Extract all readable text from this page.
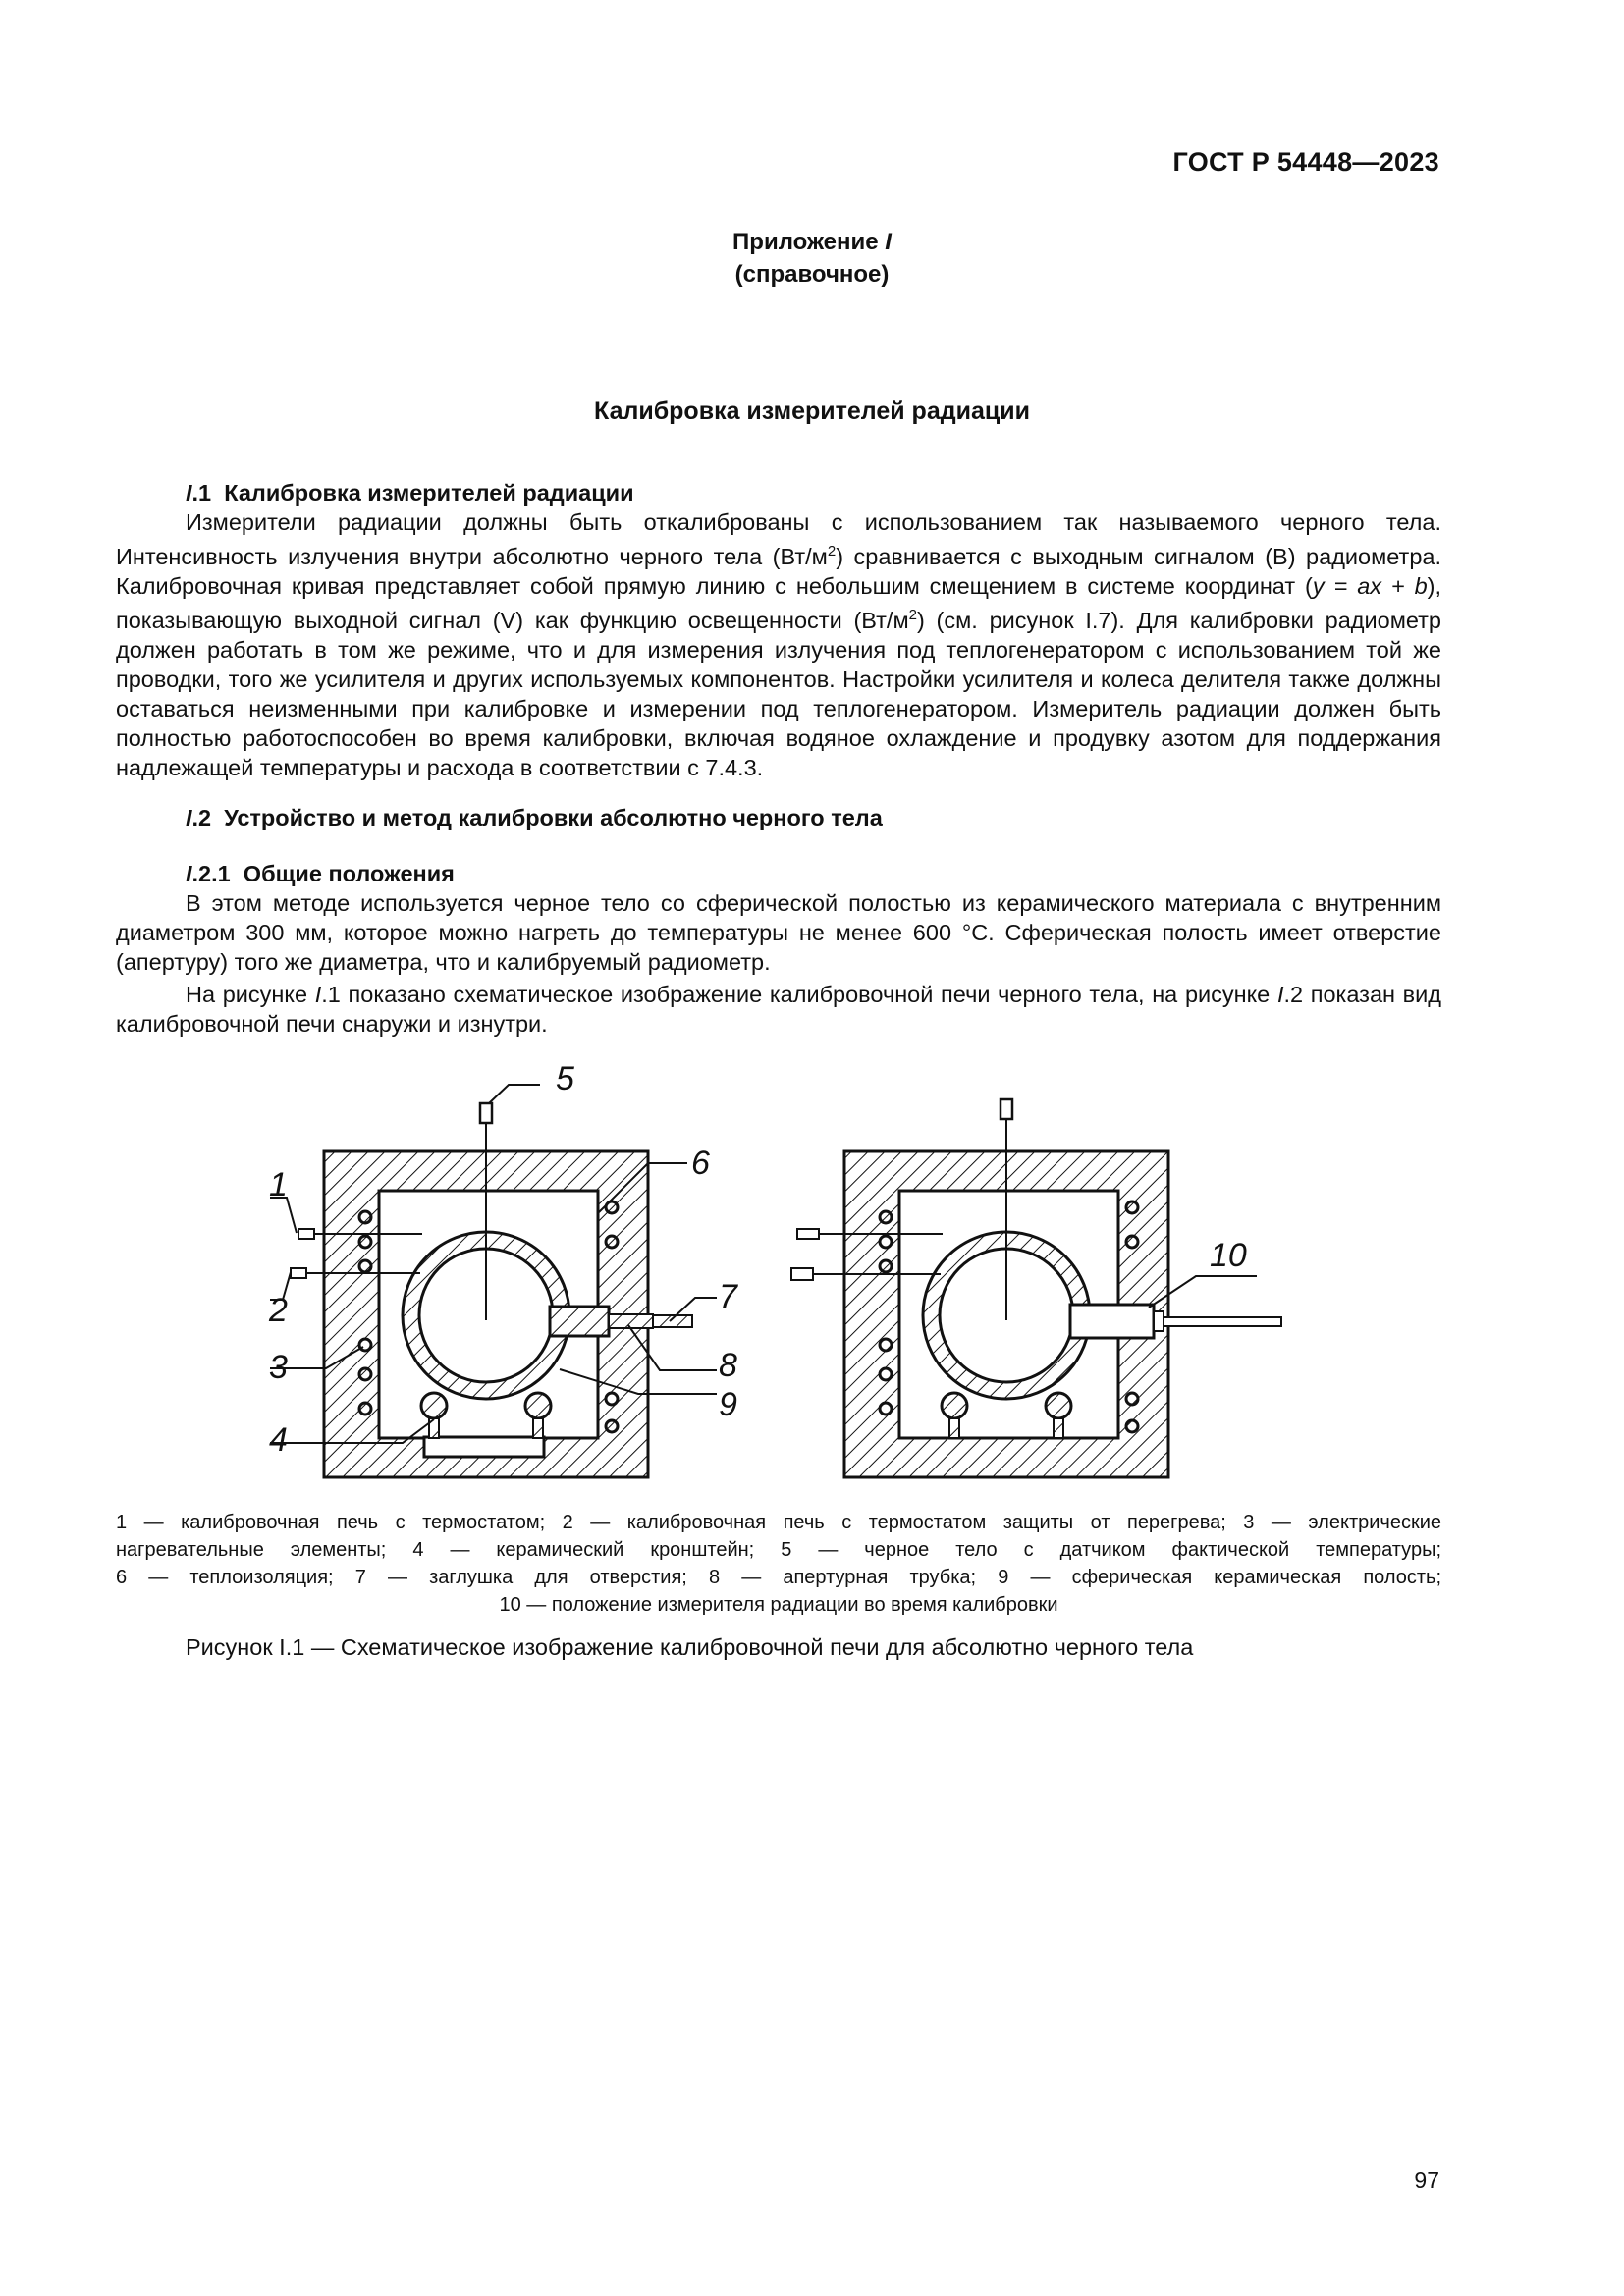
ГОСТ Р 54448—2023
Приложение I
(справочное)
Калибровка измерителей радиации
I.1 Калибровка измерителей радиации

Измерители радиации должны быть откалиброваны с использованием так называемого черного тела. Интенсивность излучения внутри абсолютно черного тела $(Вт/м^2)$ сравнивается с выходным сигналом (В) радиометра. Калибровочная кривая представляет собой прямую линию с небольшим смещением в системе координат (y = ax + b), показывающую выходной сигнал (V) как функцию освещенности $(Вт/м^2)$ (см. рисунок I.7). Для калибровки радиометр должен работать в том же режиме, что и для измерения излучения под теплогенератором с использованием той же проводки, того же усилителя и других используемых компонентов. Настройки усилителя и колеса делителя также должны оставаться неизменными при калибровке и измерении под теплогенератором. Измеритель радиации должен быть полностью работоспособен во время калибровки, включая водяное охлаждение и продувку азотом для поддержания надлежащей температуры и расхода в соответствии с 7.4.3.

I.2 Устройство и метод калибровки абсолютно черного тела
I.2.1 Общие положения

В этом методе используется черное тело со сферической полостью из керамического материала с внутренним диаметром 300 мм, которое можно нагреть до температуры не менее 600 °С. Сферическая полость имеет отверстие (апертуру) того же диаметра, что и калибруемый радиометр.

На рисунке I.1 показано схематическое изображение калибровочной печи черного тела, на рисунке I.2 показан вид калибровочной печи снаружи и изнутри.

5
1
2
3
4
6
7
8
9
10
1 — калибровочная печь с термостатом; 2 — калибровочная печь с термостатом защиты от перегрева; 3 — электрические
нагревательные элементы; 4 — керамический кронштейн; 5 — черное тело с датчиком фактической температуры;
6 — теплоизоляция; 7 — заглушка для отверстия; 8 — апертурная трубка; 9 — сферическая керамическая полость;
10 — положение измерителя радиации во время калибровки
Рисунок I.1 — Схематическое изображение калибровочной печи для абсолютно черного тела
97
